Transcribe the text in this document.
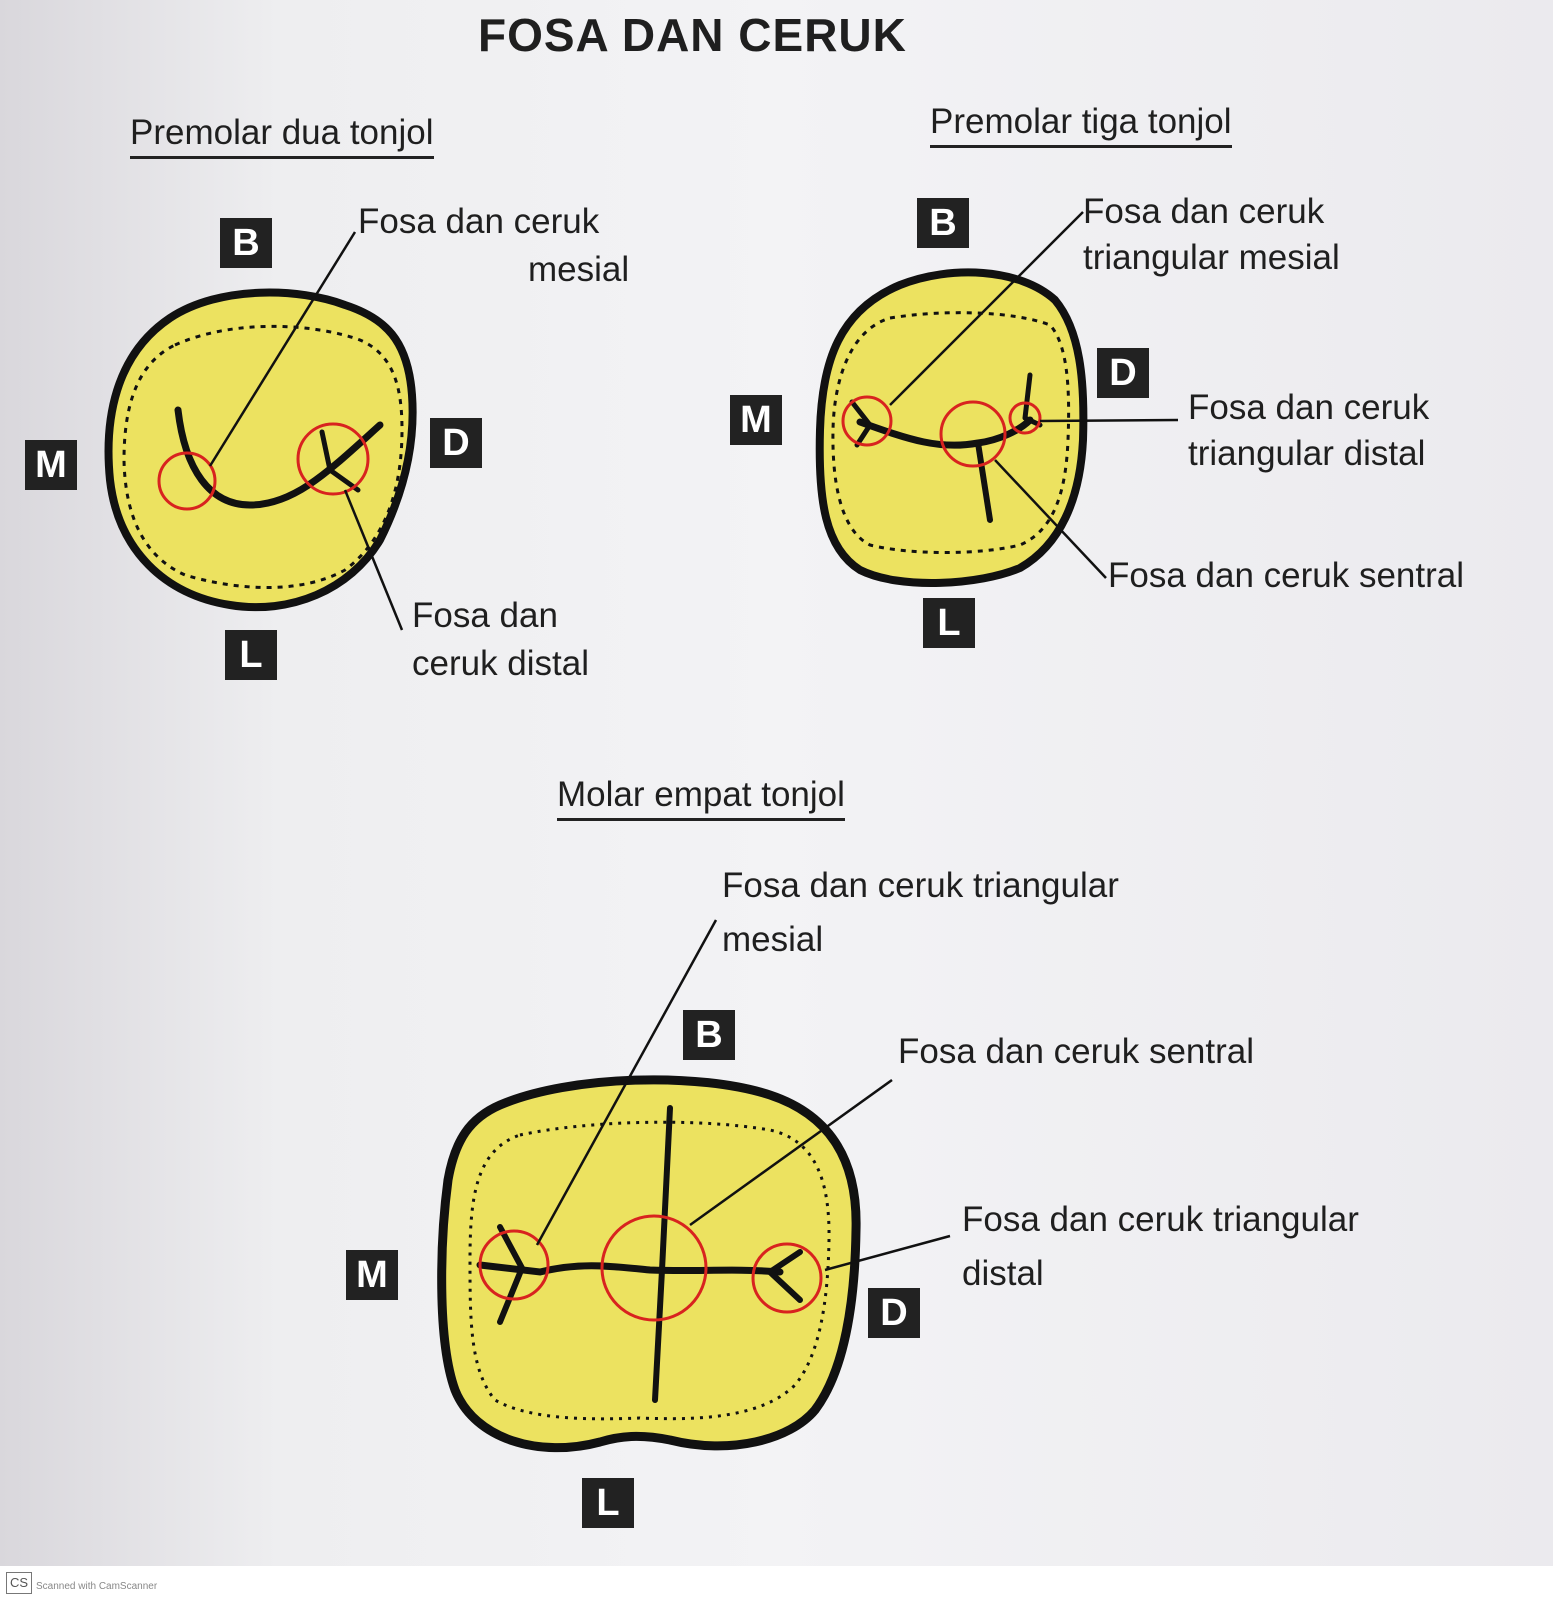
FOSA DAN CERUK
Premolar dua tonjol
B
M
D
L
Fosa dan ceruk
mesial
Fosa dan
ceruk distal
Premolar tiga tonjol
B
M
D
L
Fosa dan ceruk
triangular mesial
Fosa dan ceruk
triangular distal
Fosa dan ceruk sentral
Molar empat tonjol
B
M
D
L
Fosa dan ceruk triangular
mesial
Fosa dan ceruk sentral
Fosa dan ceruk triangular
distal
CS Scanned with CamScanner
